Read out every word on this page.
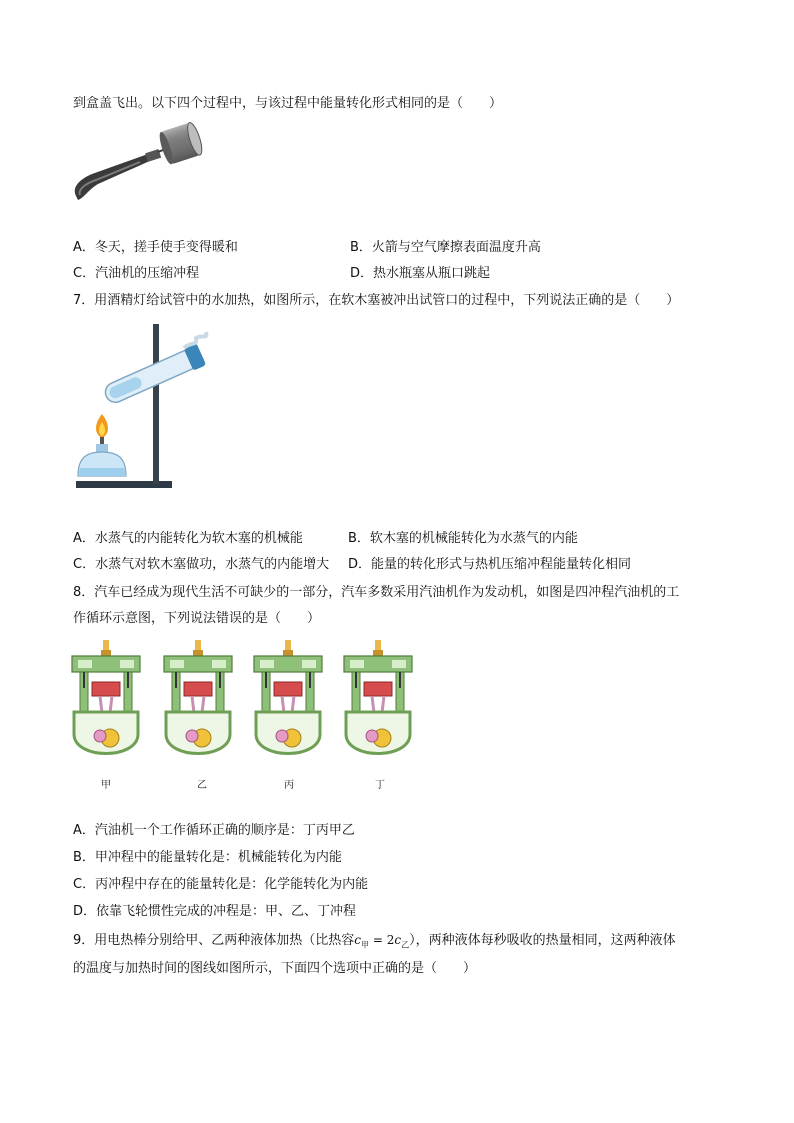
到盒盖飞出。以下四个过程中，与该过程中能量转化形式相同的是（　　）
A．冬天，搓手使手变得暖和	B．火箭与空气摩擦表面温度升高
C．汽油机的压缩冲程	D．热水瓶塞从瓶口跳起
7．用酒精灯给试管中的水加热，如图所示，在软木塞被冲出试管口的过程中，下列说法正确的是（　　）
A．水蒸气的内能转化为软木塞的机械能	B．软木塞的机械能转化为水蒸气的内能
C．水蒸气对软木塞做功，水蒸气的内能增大 D．能量的转化形式与热机压缩冲程能量转化相同
8．汽车已经成为现代生活不可缺少的一部分，汽车多数采用汽油机作为发动机，如图是四冲程汽油机的工
作循环示意图，下列说法错误的是（　　）
甲	乙	丙	丁
A．汽油机一个工作循环正确的顺序是：丁丙甲乙
B．甲冲程中的能量转化是：机械能转化为内能
C．丙冲程中存在的能量转化是：化学能转化为内能
D．依靠飞轮惯性完成的冲程是：甲、乙、丁冲程
9．用电热棒分别给甲、乙两种液体加热（比热容$c_甲 = 2c_乙$），两种液体每秒吸收的热量相同，这两种液体
的温度与加热时间的图线如图所示，下面四个选项中正确的是（　　）
